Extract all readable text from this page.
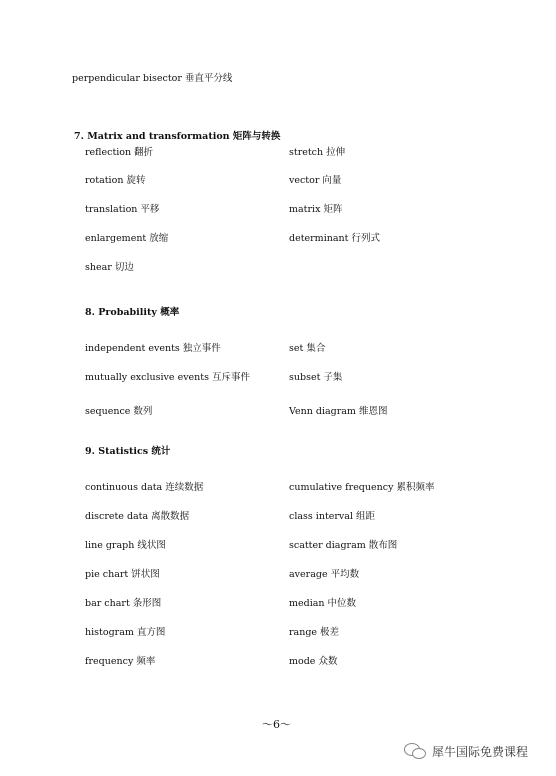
perpendicular bisector 垂直平分线
7. Matrix and transformation 矩阵与转换
reflection 翻折
rotation 旋转
translation 平移
enlargement 放缩
shear 切边
stretch 拉伸
vector 向量
matrix 矩阵
determinant 行列式
8. Probability 概率
independent events 独立事件
mutually exclusive events 互斥事件
sequence 数列
set 集合
subset 子集
Venn diagram 维恩图
9. Statistics 统计
continuous data 连续数据
discrete data 离散数据
line graph 线状图
pie chart 饼状图
bar chart 条形图
histogram 直方图
frequency 频率
cumulative frequency 累积频率
class interval 组距
scatter diagram 散布图
average 平均数
median 中位数
range 极差
mode 众数
～6～
犀牛国际免费课程
